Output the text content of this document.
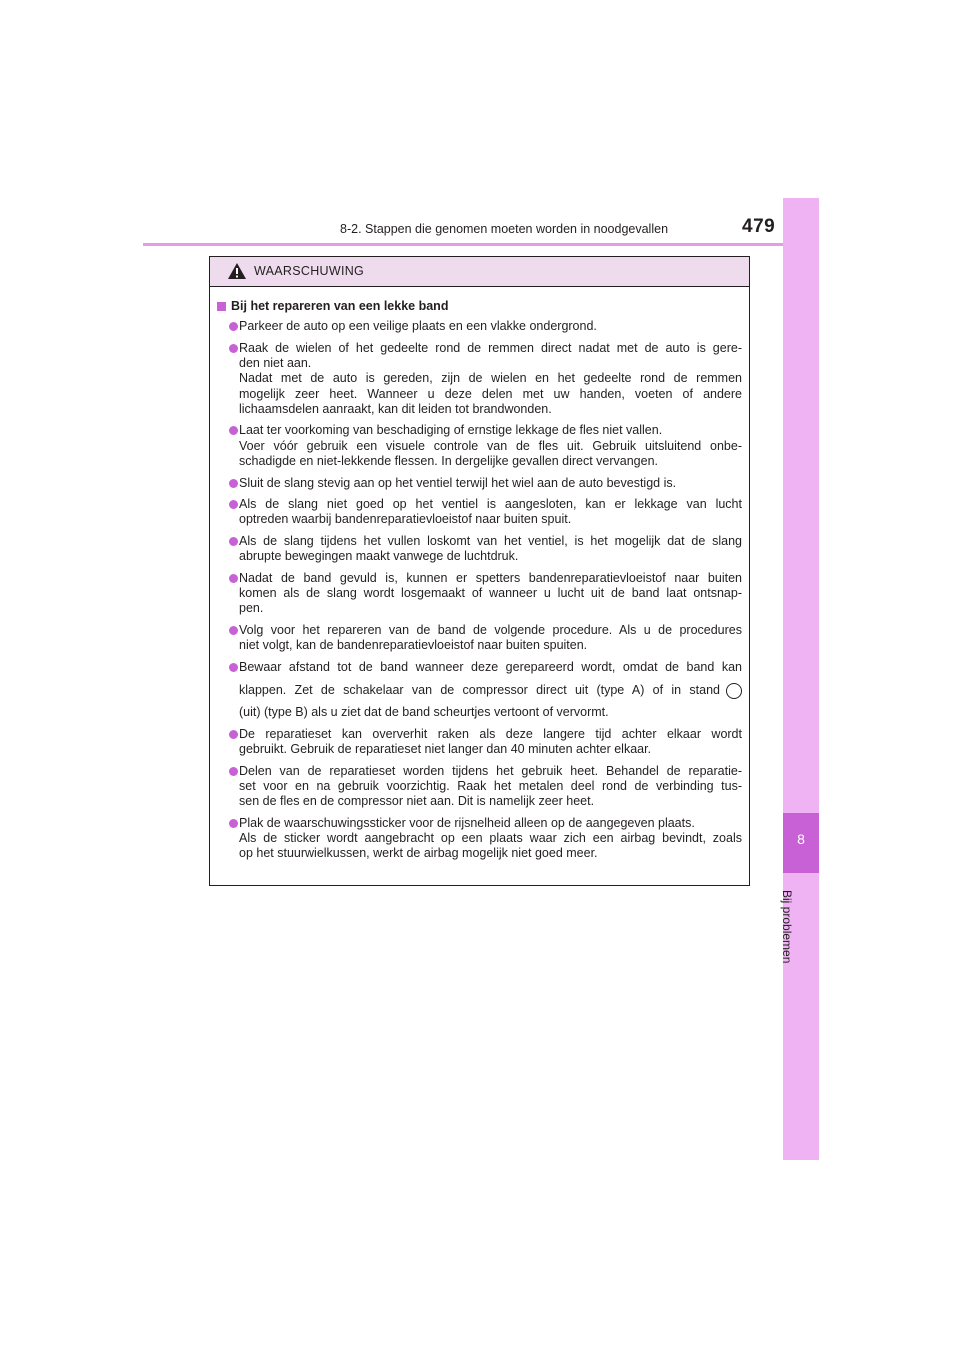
8-2. Stappen die genomen moeten worden in noodgevallen	479
8
Bij problemen
WAARSCHUWING
Bij het repareren van een lekke band
Parkeer de auto op een veilige plaats en een vlakke ondergrond.
Raak de wielen of het gedeelte rond de remmen direct nadat met de auto is gere-
den niet aan.
Nadat met de auto is gereden, zijn de wielen en het gedeelte rond de remmen
mogelijk zeer heet. Wanneer u deze delen met uw handen, voeten of andere
lichaamsdelen aanraakt, kan dit leiden tot brandwonden.
Laat ter voorkoming van beschadiging of ernstige lekkage de fles niet vallen.
Voer vóór gebruik een visuele controle van de fles uit. Gebruik uitsluitend onbe-
schadigde en niet-lekkende flessen. In dergelijke gevallen direct vervangen.
Sluit de slang stevig aan op het ventiel terwijl het wiel aan de auto bevestigd is.
Als de slang niet goed op het ventiel is aangesloten, kan er lekkage van lucht
optreden waarbij bandenreparatievloeistof naar buiten spuit.
Als de slang tijdens het vullen loskomt van het ventiel, is het mogelijk dat de slang
abrupte bewegingen maakt vanwege de luchtdruk.
Nadat de band gevuld is, kunnen er spetters bandenreparatievloeistof naar buiten
komen als de slang wordt losgemaakt of wanneer u lucht uit de band laat ontsnap-
pen.
Volg voor het repareren van de band de volgende procedure. Als u de procedures
niet volgt, kan de bandenreparatievloeistof naar buiten spuiten.
Bewaar afstand tot de band wanneer deze gerepareerd wordt, omdat de band kan
klappen. Zet de schakelaar van de compressor direct uit (type A) of in stand
(uit) (type B) als u ziet dat de band scheurtjes vertoont of vervormt.
De reparatieset kan oververhit raken als deze langere tijd achter elkaar wordt
gebruikt. Gebruik de reparatieset niet langer dan 40 minuten achter elkaar.
Delen van de reparatieset worden tijdens het gebruik heet. Behandel de reparatie-
set voor en na gebruik voorzichtig. Raak het metalen deel rond de verbinding tus-
sen de fles en de compressor niet aan. Dit is namelijk zeer heet.
Plak de waarschuwingssticker voor de rijsnelheid alleen op de aangegeven plaats.
Als de sticker wordt aangebracht op een plaats waar zich een airbag bevindt, zoals
op het stuurwielkussen, werkt de airbag mogelijk niet goed meer.
